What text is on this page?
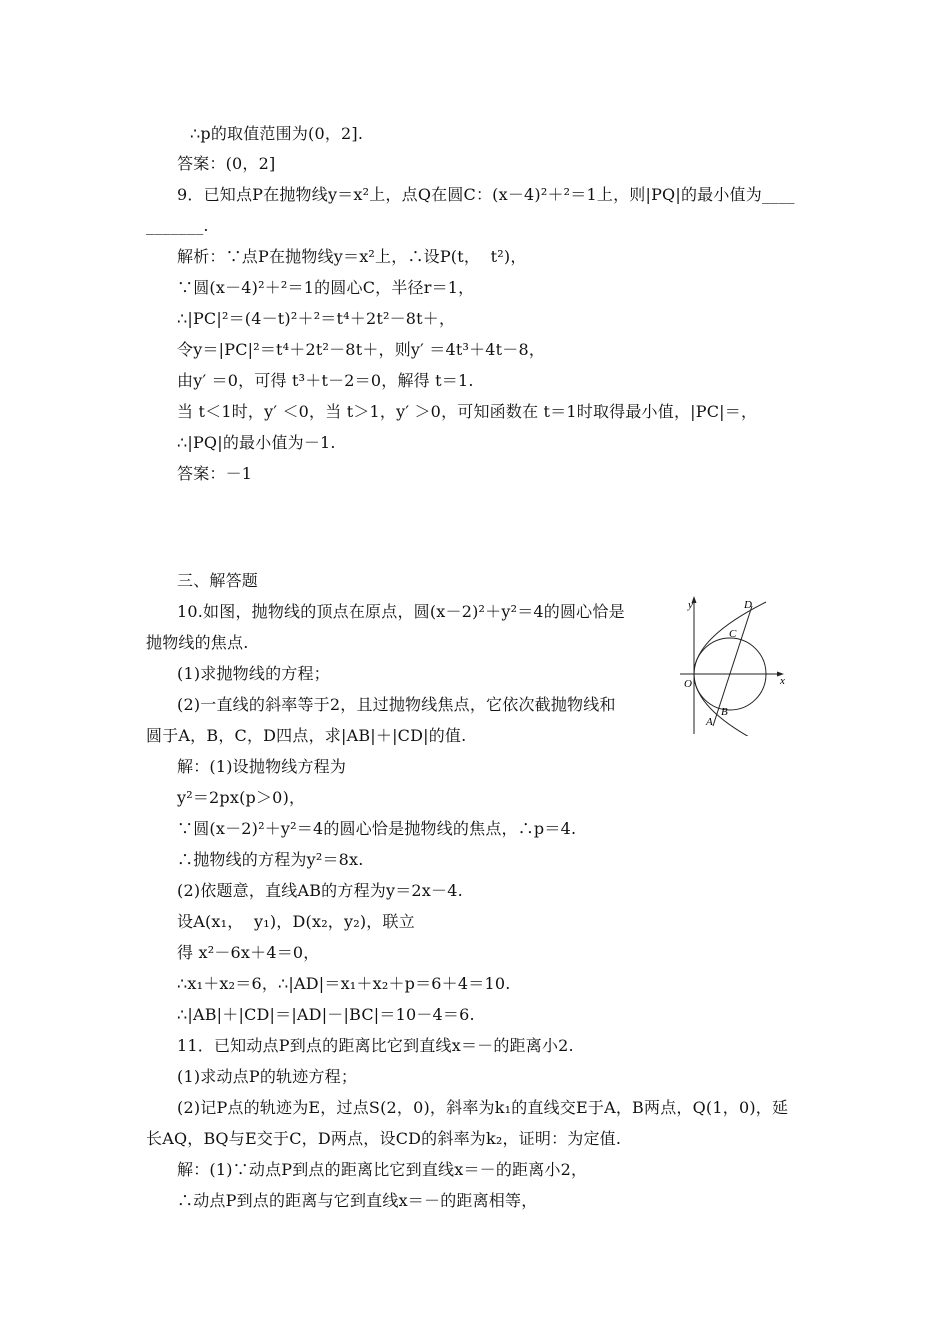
∴p的取值范围为(0，2].
答案：(0，2]
9．已知点P在抛物线y＝x²上，点Q在圆C：(x－4)²＋²＝1上，则|PQ|的最小值为____
_______.
解析：∵点P在抛物线y＝x²上，∴设P(t，  t²)，
∵圆(x－4)²＋²＝1的圆心C，半径r＝1，
∴|PC|²＝(4－t)²＋²＝t⁴＋2t²－8t＋，
令y＝|PC|²＝t⁴＋2t²－8t＋，则y′ ＝4t³＋4t－8，
由y′ ＝0，可得 t³＋t－2＝0，解得 t＝1.
当 t＜1时，y′ ＜0，当 t＞1，y′ ＞0，可知函数在 t＝1时取得最小值，|PC|＝，
∴|PQ|的最小值为－1.
答案：－1
三、解答题
10.如图，抛物线的顶点在原点，圆(x－2)²＋y²＝4的圆心恰是
抛物线的焦点.
(1)求抛物线的方程；
(2)一直线的斜率等于2，且过抛物线焦点，它依次截抛物线和
圆于A，B，C，D四点，求|AB|＋|CD|的值.
解：(1)设抛物线方程为
y²＝2px(p＞0)，
∵圆(x－2)²＋y²＝4的圆心恰是抛物线的焦点，∴p＝4.
∴抛物线的方程为y²＝8x.
(2)依题意，直线AB的方程为y＝2x－4.
设A(x₁，  y₁)，D(x₂，y₂)，联立
得 x²－6x＋4＝0，
∴x₁＋x₂＝6，∴|AD|＝x₁＋x₂＋p＝6＋4＝10.
∴|AB|＋|CD|＝|AD|－|BC|＝10－4＝6.
11．已知动点P到点的距离比它到直线x＝－的距离小2.
(1)求动点P的轨迹方程；
(2)记P点的轨迹为E，过点S(2，0)，斜率为k₁的直线交E于A，B两点，Q(1，0)，延
长AQ，BQ与E交于C，D两点，设CD的斜率为k₂，证明：为定值.
解：(1)∵动点P到点的距离比它到直线x＝－的距离小2，
∴动点P到点的距离与它到直线x＝－的距离相等，
y
x
O
A
B
C
D
